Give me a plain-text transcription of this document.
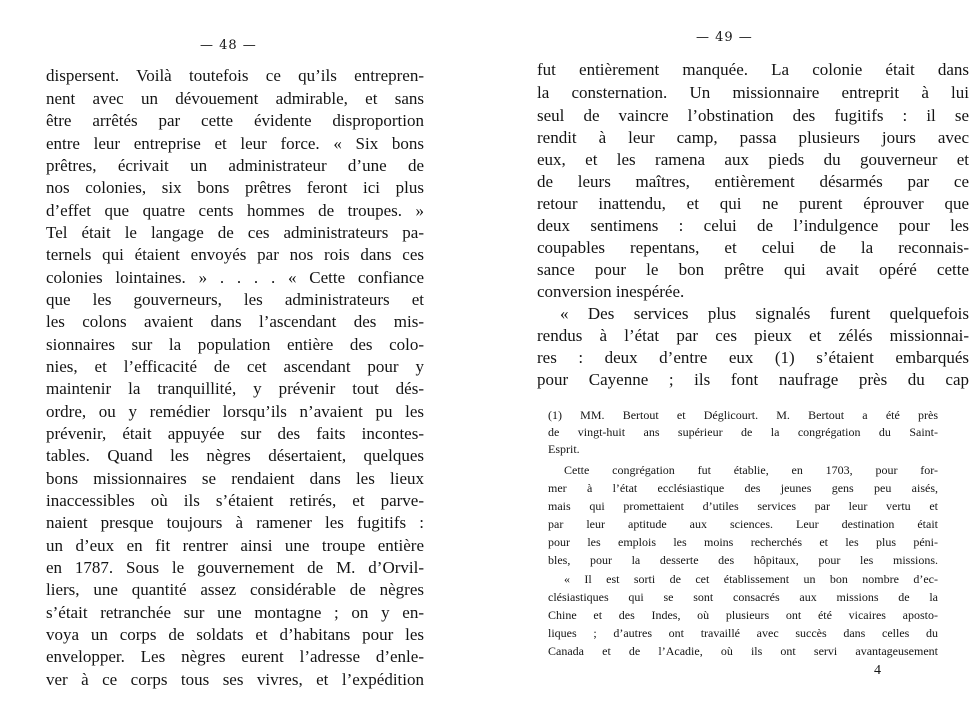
— 48 —
dispersent. Voilà toutefois ce qu’ils entrepren-
nent avec un dévouement admirable, et sans
être arrêtés par cette évidente disproportion
entre leur entreprise et leur force. « Six bons
prêtres, écrivait un administrateur d’une de
nos colonies, six bons prêtres feront ici plus
d’effet que quatre cents hommes de troupes. »
Tel était le langage de ces administrateurs pa-
ternels qui étaient envoyés par nos rois dans ces
colonies lointaines. » . . . . « Cette confiance
que les gouverneurs, les administrateurs et
les colons avaient dans l’ascendant des mis-
sionnaires sur la population entière des colo-
nies, et l’efficacité de cet ascendant pour y
maintenir la tranquillité, y prévenir tout dés-
ordre, ou y remédier lorsqu’ils n’avaient pu les
prévenir, était appuyée sur des faits incontes-
tables. Quand les nègres désertaient, quelques
bons missionnaires se rendaient dans les lieux
inaccessibles où ils s’étaient retirés, et parve-
naient presque toujours à ramener les fugitifs :
un d’eux en fit rentrer ainsi une troupe entière
en 1787. Sous le gouvernement de M. d’Orvil-
liers, une quantité assez considérable de nègres
s’était retranchée sur une montagne ; on y en-
voya un corps de soldats et d’habitans pour les
envelopper. Les nègres eurent l’adresse d’enle-
ver à ce corps tous ses vivres, et l’expédition
— 49 —
fut entièrement manquée. La colonie était dans
la consternation. Un missionnaire entreprit à lui
seul de vaincre l’obstination des fugitifs : il se
rendit à leur camp, passa plusieurs jours avec
eux, et les ramena aux pieds du gouverneur et
de leurs maîtres, entièrement désarmés par ce
retour inattendu, et qui ne purent éprouver que
deux sentimens : celui de l’indulgence pour les
coupables repentans, et celui de la reconnais-
sance pour le bon prêtre qui avait opéré cette
conversion inespérée.
« Des services plus signalés furent quelquefois
rendus à l’état par ces pieux et zélés missionnai-
res : deux d’entre eux (1) s’étaient embarqués
pour Cayenne ; ils font naufrage près du cap
(1) MM. Bertout et Déglicourt. M. Bertout a été près
de vingt-huit ans supérieur de la congrégation du Saint-
Esprit.
Cette congrégation fut établie, en 1703, pour for-
mer à l’état ecclésiastique des jeunes gens peu aisés,
mais qui promettaient d’utiles services par leur vertu et
par leur aptitude aux sciences. Leur destination était
pour les emplois les moins recherchés et les plus péni-
bles, pour la desserte des hôpitaux, pour les missions.
« Il est sorti de cet établissement un bon nombre d’ec-
clésiastiques qui se sont consacrés aux missions de la
Chine et des Indes, où plusieurs ont été vicaires aposto-
liques ; d’autres ont travaillé avec succès dans celles du
Canada et de l’Acadie, où ils ont servi avantageusement
4
